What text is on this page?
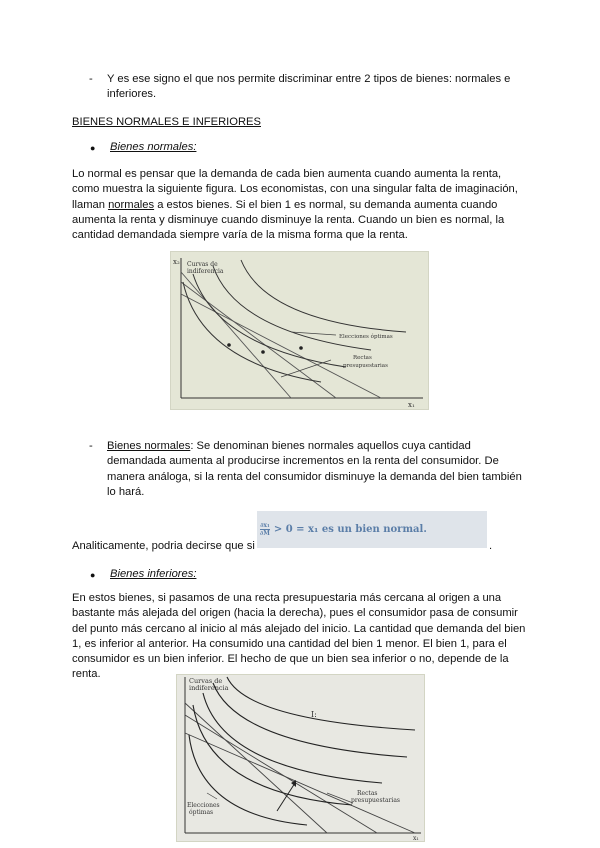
- Y es ese signo el que nos permite discriminar entre 2 tipos de bienes: normales e
inferiores.
BIENES NORMALES E INFERIORES
● Bienes normales:
Lo normal es pensar que la demanda de cada bien aumenta cuando aumenta la renta,
como muestra la siguiente figura. Los economistas, con una singular falta de imaginación,
llaman normales a estos bienes. Si el bien 1 es normal, su demanda aumenta cuando
aumenta la renta y disminuye cuando disminuye la renta. Cuando un bien es normal, la
cantidad demandada siempre varía de la misma forma que la renta.
x₂
x₁
Curvas de
indiferencia
Elecciones óptimas
Rectas
presupuestarias
- Bienes normales: Se denominan bienes normales aquellos cuya cantidad
demandada aumenta al producirse incrementos en la renta del consumidor. De
manera análoga, si la renta del consumidor disminuye la demanda del bien también
lo hará.
Analiticamente, podria decirse que si
$\frac{\text{∂x₁}}{\partial M} > 0 = x_1$ es un bien normal.
.
● Bienes inferiores:
En estos bienes, si pasamos de una recta presupuestaria más cercana al origen a una
bastante más alejada del origen (hacia la derecha), pues el consumidor pasa de consumir
del punto más cercano al inicio al más alejado del inicio. La cantidad que demanda del bien
1, es inferior al anterior. Ha consumido una cantidad del bien 1 menor. El bien 1, para el
consumidor es un bien inferior. El hecho de que un bien sea inferior o no, depende de la
renta.
x₁
Curvas de
indiferencia
I:
Rectas
presupuestarias
Elecciones
óptimas
